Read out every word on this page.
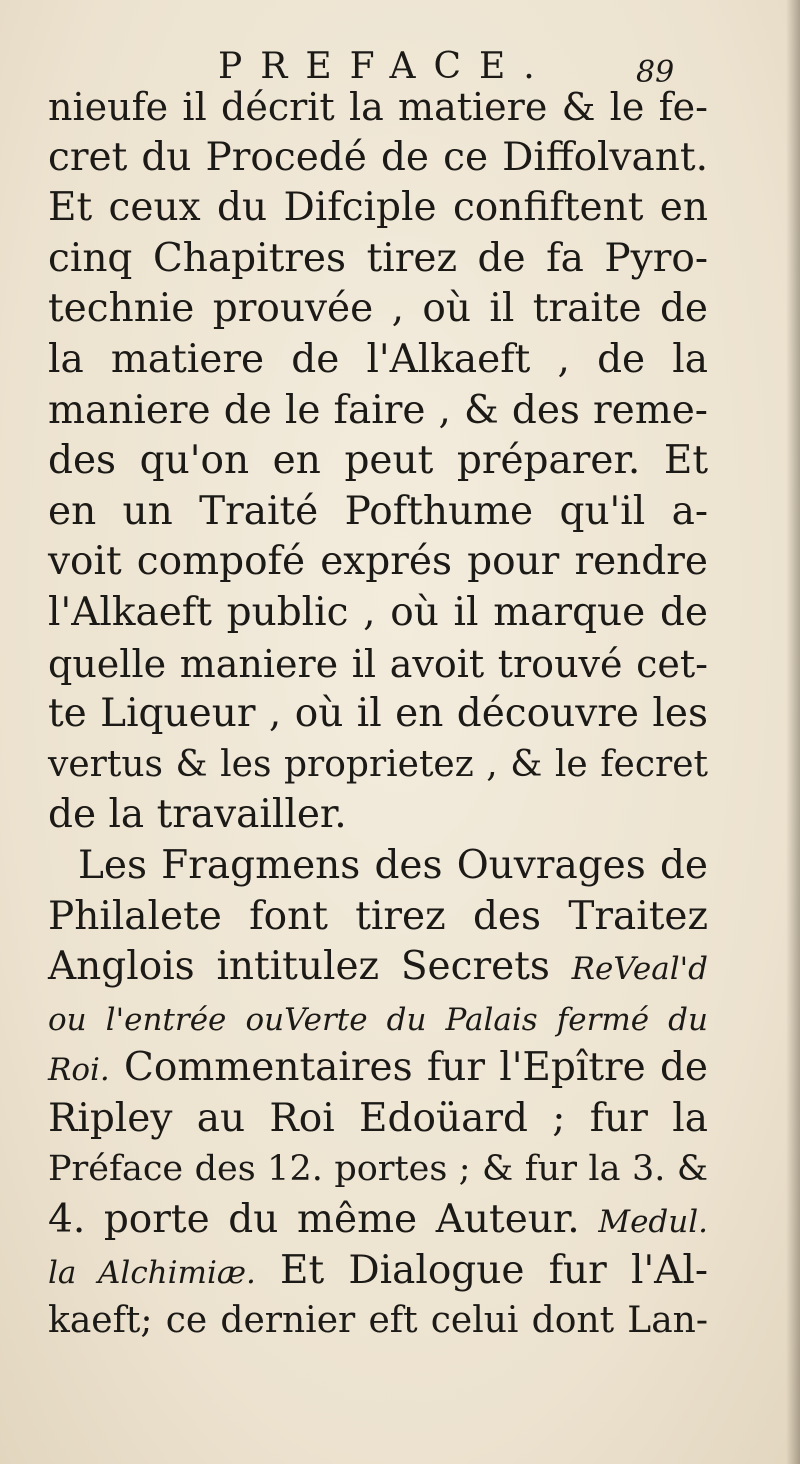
PREFACE.	89
nieufe il décrit la matiere & le fe-
cret du Procedé de ce Diffolvant.
Et ceux du Difciple confiftent en
cinq Chapitres tirez de fa Pyro-
technie prouvée , où il traite de
la matiere de l'Alkaeft , de la
maniere de le faire , & des reme-
des qu'on en peut préparer. Et
en un Traité Pofthume qu'il a-
voit compofé exprés pour rendre
l'Alkaeft public , où il marque de
quelle maniere il avoit trouvé cet-
te Liqueur , où il en découvre les
vertus & les proprietez , & le fecret
de la travailler.
Les Fragmens des Ouvrages de
Philalete font tirez des Traitez
Anglois intitulez Secrets ReVeal'd
ou l'entrée ouVerte du Palais fermé du
Roi. Commentaires fur l'Epître de
Ripley au Roi Edoüard ; fur la
Préface des 12. portes ; & fur la 3. &
4. porte du même Auteur. Medul.
la Alchimiæ. Et Dialogue fur l'Al-
kaeft; ce dernier eft celui dont Lan-
